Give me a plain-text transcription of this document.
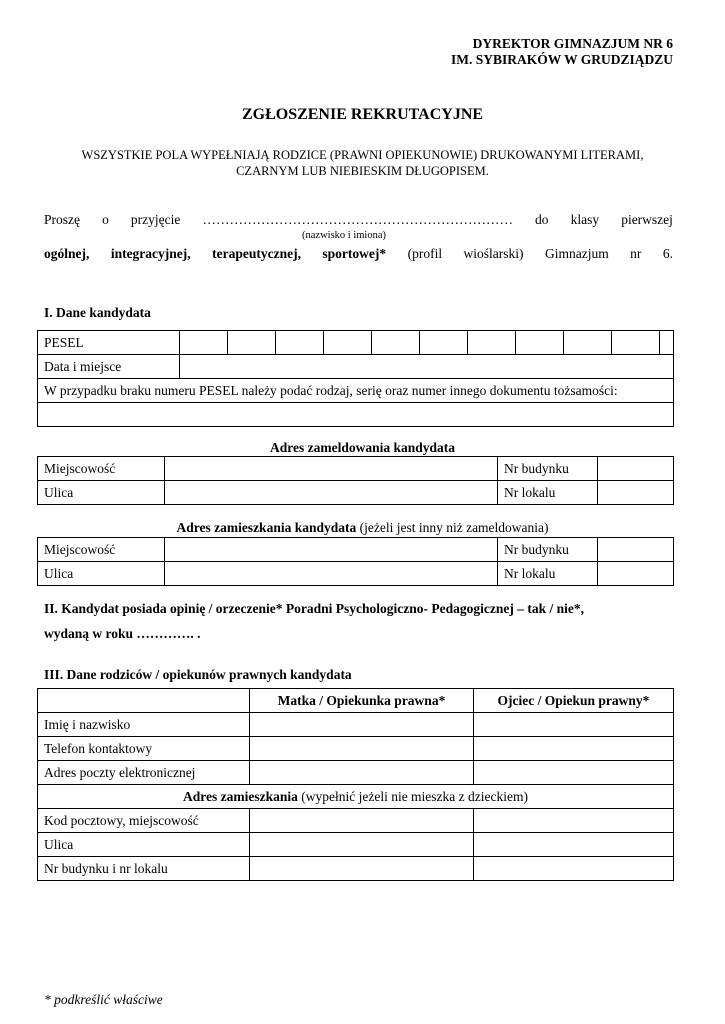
DYREKTOR GIMNAZJUM NR 6
IM. SYBIRAKÓW W GRUDZIĄDZU
ZGŁOSZENIE REKRUTACYJNE
WSZYSTKIE POLA WYPEŁNIAJĄ RODZICE (PRAWNI OPIEKUNOWIE) DRUKOWANYMI LITERAMI,
CZARNYM LUB NIEBIESKIM DŁUGOPISEM.
Proszę o przyjęcie …………………………………………………………… do klasy pierwszej
(nazwisko i imiona)
ogólnej, integracyjnej, terapeutycznej, sportowej* (profil wioślarski) Gimnazjum nr 6.
I. Dane kandydata
PESEL											
Data i miejsce											
W przypadku braku numeru PESEL należy podać rodzaj, serię oraz numer innego dokumentu tożsamości:											

Adres zameldowania kandydata
Miejscowość		Nr budynku	
Ulica		Nr lokalu	
Adres zamieszkania kandydata (jeżeli jest inny niż zameldowania)
Miejscowość		Nr budynku	
Ulica		Nr lokalu	
II. Kandydat posiada opinię / orzeczenie* Poradni Psychologiczno- Pedagogicznej – tak / nie*,
wydaną w roku …………. .
III. Dane rodziców / opiekunów prawnych kandydata
	Matka / Opiekunka prawna*	Ojciec / Opiekun prawny*
Imię i nazwisko		
Telefon kontaktowy		
Adres poczty elektronicznej		
Adres zamieszkania (wypełnić jeżeli nie mieszka z dzieckiem)		
Kod pocztowy, miejscowość		
Ulica		
Nr budynku i nr lokalu		
* podkreślić właściwe
